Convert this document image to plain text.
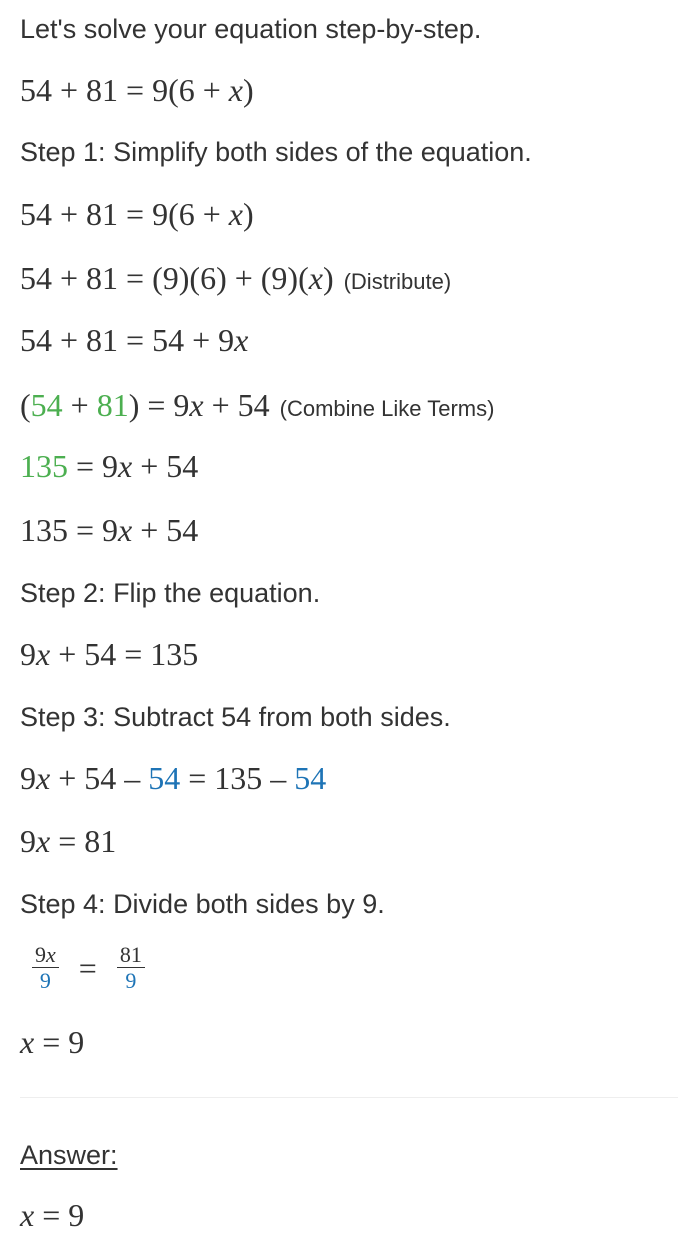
Let's solve your equation step-by-step.
54 + 81 = 9(6 + x)
Step 1: Simplify both sides of the equation.
54 + 81 = 9(6 + x)
54 + 81 = (9)(6) + (9)(x) (Distribute)
54 + 81 = 54 + 9x
(54 + 81) = 9x + 54 (Combine Like Terms)
135 = 9x + 54
135 = 9x + 54
Step 2: Flip the equation.
9x + 54 = 135
Step 3: Subtract 54 from both sides.
9x + 54 – 54 = 135 – 54
9x = 81
Step 4: Divide both sides by 9.
$\frac{9x}{9} = \frac{81}{9}$
x = 9
Answer:
x = 9
